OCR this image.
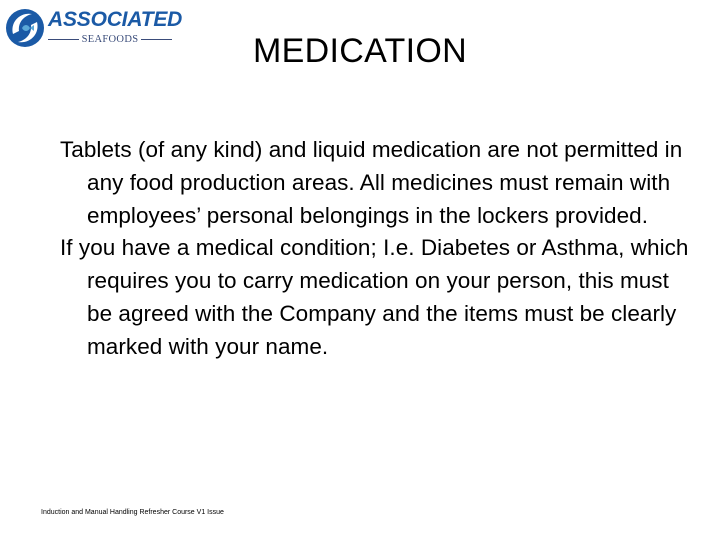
ASSOCIATED
SEAFOODS	MEDICATION

Tablets (of any kind) and liquid medication are not permitted in any food production areas. All medicines must remain with employees’ personal belongings in the lockers provided.

If you have a medical condition; I.e. Diabetes or Asthma, which requires you to carry medication on your person, this must be agreed with the Company and the items must be clearly marked with your name.

Induction and Manual Handling Refresher Course V1 Issue
